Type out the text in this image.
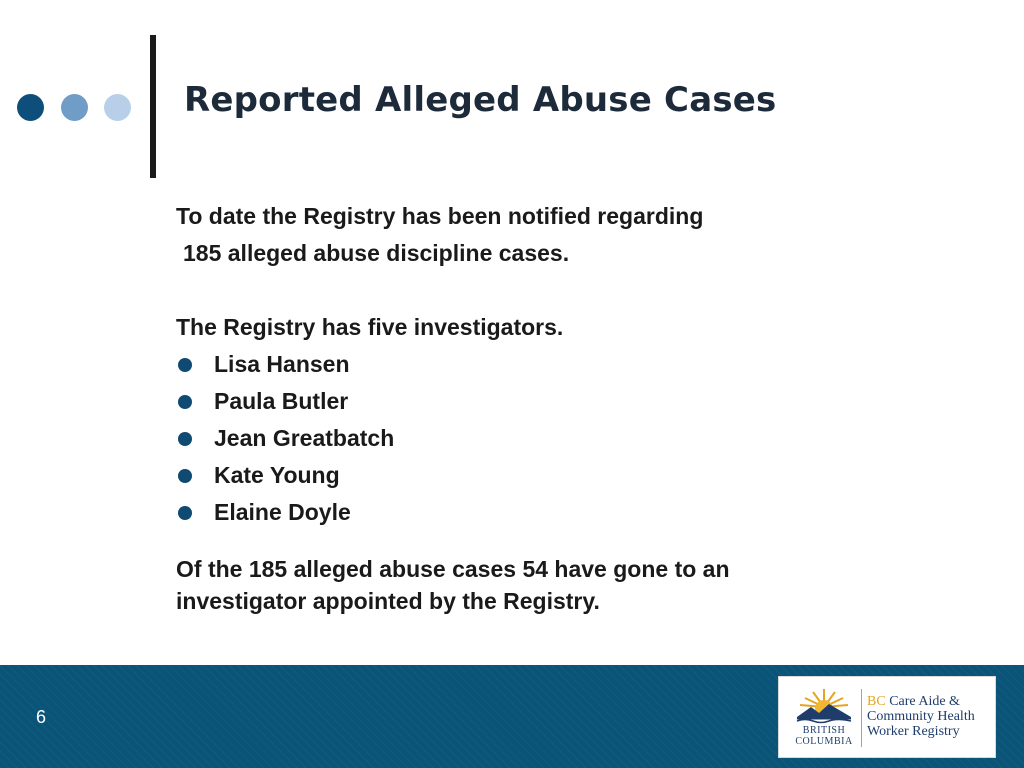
Reported Alleged Abuse Cases

To date the Registry has been notified regarding

185 alleged abuse discipline cases.

The Registry has five investigators.

Lisa Hansen
Paula Butler
Jean Greatbatch
Kate Young
Elaine Doyle

Of the 185 alleged abuse cases 54 have gone to an

investigator appointed by the Registry.

6
BRITISH
COLUMBIA
BC Care Aide &
Community Health
Worker Registry
